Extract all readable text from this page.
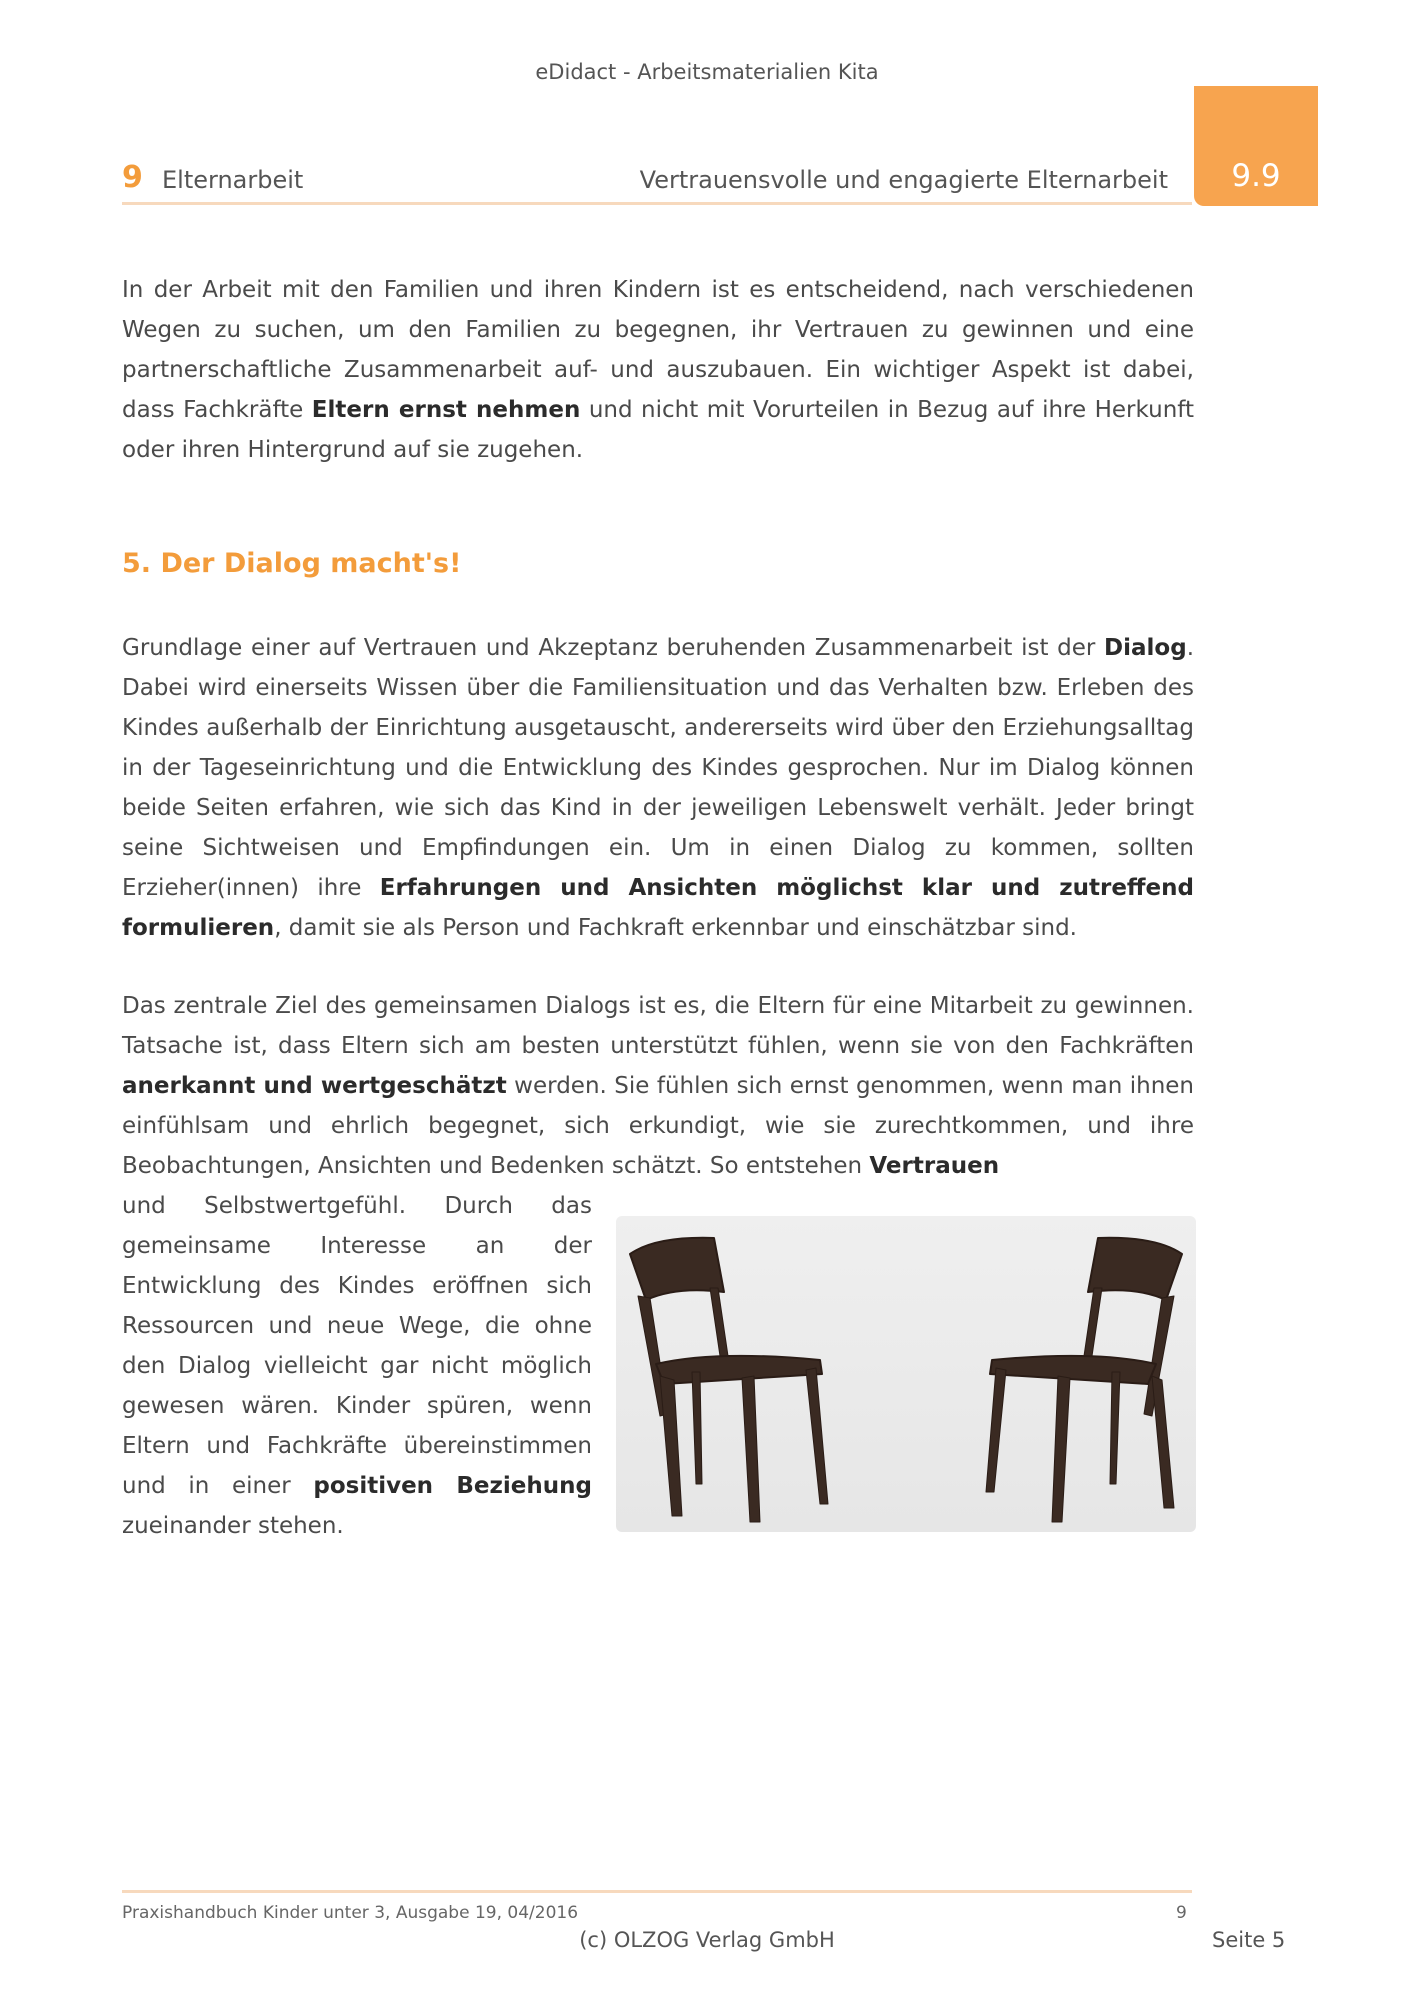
eDidact - Arbeitsmaterialien Kita
9 Elternarbeit	Vertrauensvolle und engagierte Elternarbeit	9.9
In der Arbeit mit den Familien und ihren Kindern ist es entscheidend, nach verschiedenen Wegen zu suchen, um den Familien zu begegnen, ihr Vertrauen zu gewinnen und eine partnerschaftliche Zusammenarbeit auf- und auszubauen. Ein wichtiger Aspekt ist dabei, dass Fachkräfte Eltern ernst nehmen und nicht mit Vorurteilen in Bezug auf ihre Herkunft oder ihren Hintergrund auf sie zugehen.
5. Der Dialog macht's!
Grundlage einer auf Vertrauen und Akzeptanz beruhenden Zusammenarbeit ist der Dialog. Dabei wird einerseits Wissen über die Familiensituation und das Verhalten bzw. Erleben des Kindes außerhalb der Einrichtung ausgetauscht, andererseits wird über den Erziehungsalltag in der Tageseinrichtung und die Entwicklung des Kindes gesprochen. Nur im Dialog können beide Seiten erfahren, wie sich das Kind in der jeweiligen Lebenswelt verhält. Jeder bringt seine Sichtweisen und Empfindungen ein. Um in einen Dialog zu kommen, sollten Erzieher(innen) ihre Erfahrungen und Ansichten möglichst klar und zutreffend formulieren, damit sie als Person und Fachkraft erkennbar und einschätzbar sind.
Das zentrale Ziel des gemeinsamen Dialogs ist es, die Eltern für eine Mitarbeit zu gewinnen. Tatsache ist, dass Eltern sich am besten unterstützt fühlen, wenn sie von den Fachkräften anerkannt und wertgeschätzt werden. Sie fühlen sich ernst genommen, wenn man ihnen einfühlsam und ehrlich begegnet, sich erkundigt, wie sie zurechtkommen, und ihre Beobachtungen, Ansichten und Bedenken schätzt. So entstehen Vertrauen
und Selbstwertgefühl. Durch das gemeinsame Interesse an der Entwicklung des Kindes eröffnen sich Ressourcen und neue Wege, die ohne den Dialog vielleicht gar nicht möglich gewesen wären. Kinder spüren, wenn Eltern und Fachkräfte übereinstimmen und in einer positiven Beziehung zueinander stehen.
Praxishandbuch Kinder unter 3, Ausgabe 19, 04/2016	9
(c) OLZOG Verlag GmbH	Seite 5
